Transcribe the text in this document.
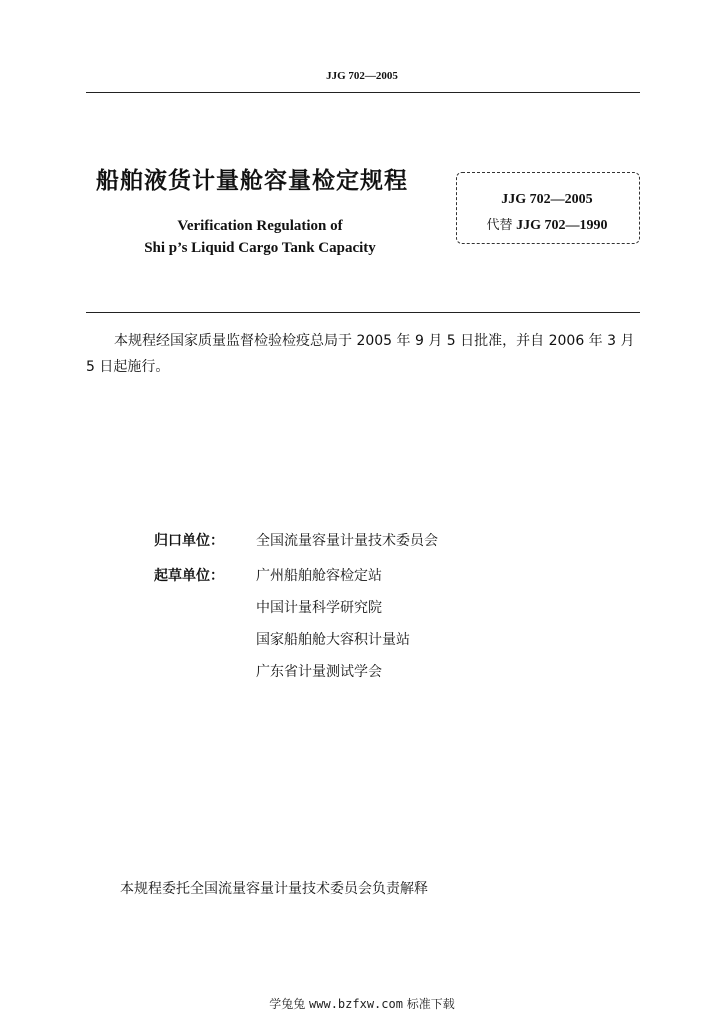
JJG 702—2005
船舶液货计量舱容量检定规程
Verification Regulation of
Shi p’s Liquid Cargo Tank Capacity
JJG 702—2005
代替 JJG 702—1990
本规程经国家质量监督检验检疫总局于 2005 年 9 月 5 日批准，并自 2006 年 3 月 5 日起施行。
归口单位：	全国流量容量计量技术委员会
起草单位：	广州船舶舱容检定站
中国计量科学研究院
国家船舶舱大容积计量站
广东省计量测试学会
本规程委托全国流量容量计量技术委员会负责解释
学兔兔 www.bzfxw.com 标准下载
